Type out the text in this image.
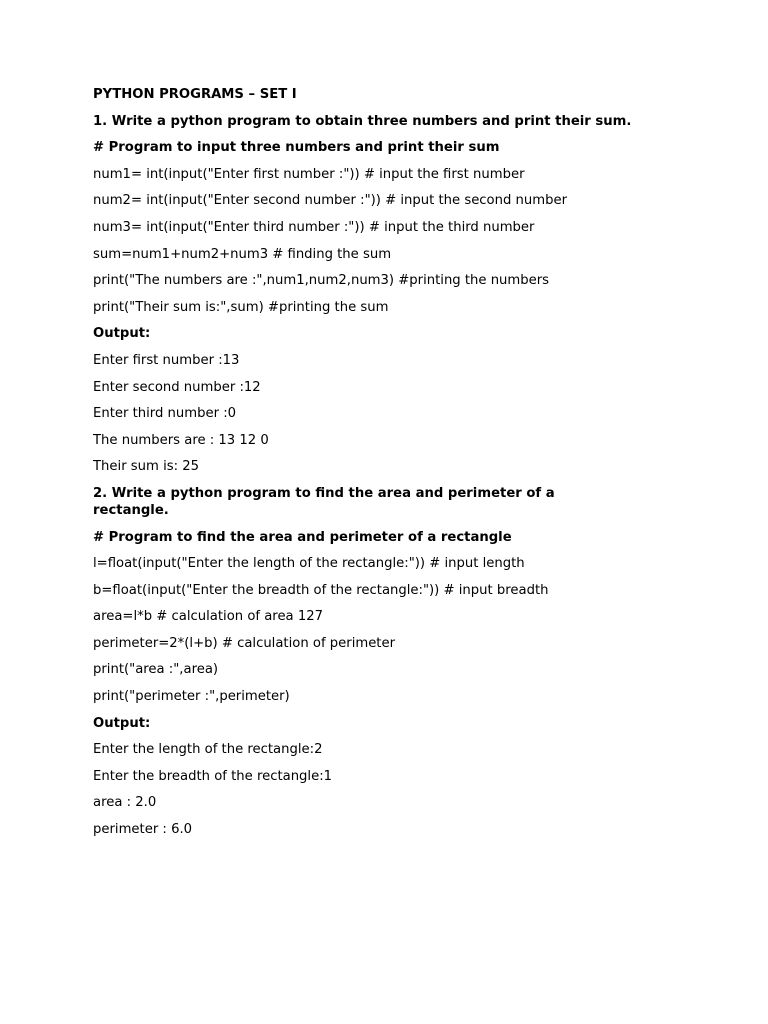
PYTHON PROGRAMS – SET I

1. Write a python program to obtain three numbers and print their sum.

# Program to input three numbers and print their sum

num1= int(input("Enter first number :")) # input the first number

num2= int(input("Enter second number :")) # input the second number

num3= int(input("Enter third number :")) # input the third number

sum=num1+num2+num3 # finding the sum

print("The numbers are :",num1,num2,num3) #printing the numbers

print("Their sum is:",sum) #printing the sum

Output:

Enter first number :13

Enter second number :12

Enter third number :0

The numbers are : 13 12 0

Their sum is: 25

2. Write a python program to find the area and perimeter of a

rectangle.

# Program to find the area and perimeter of a rectangle

l=float(input("Enter the length of the rectangle:")) # input length

b=float(input("Enter the breadth of the rectangle:")) # input breadth

area=l*b # calculation of area 127

perimeter=2*(l+b) # calculation of perimeter

print("area :",area)

print("perimeter :",perimeter)

Output:

Enter the length of the rectangle:2

Enter the breadth of the rectangle:1

area : 2.0

perimeter : 6.0
